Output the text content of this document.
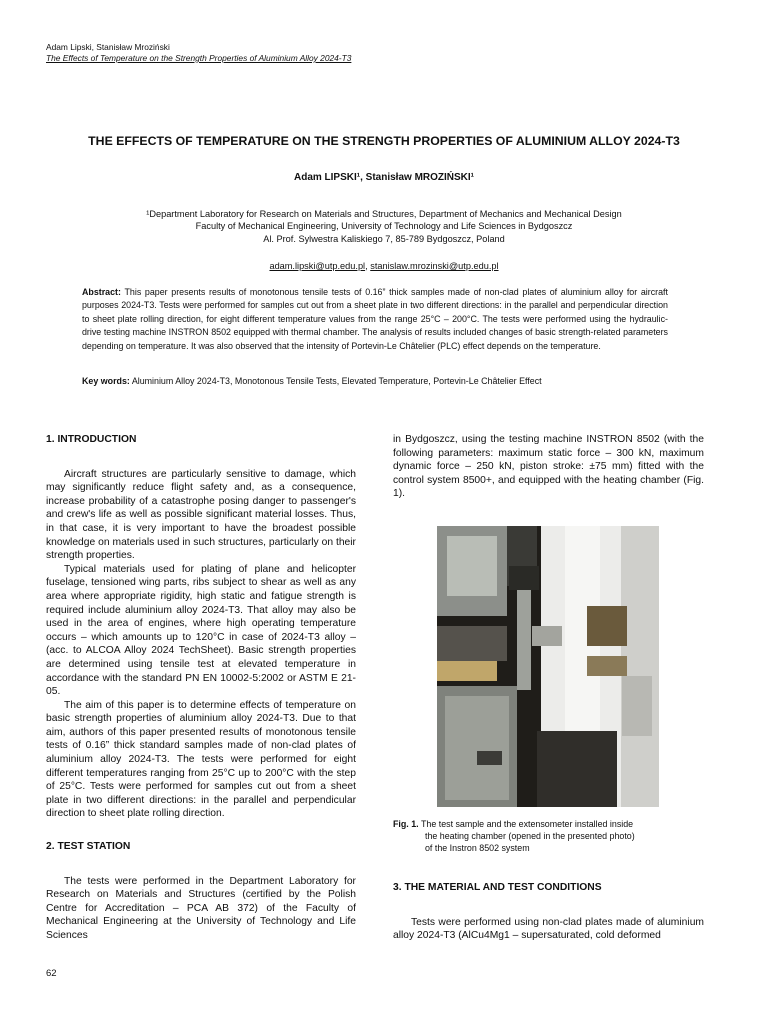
Adam Lipski, Stanisław Mroziński
The Effects of Temperature on the Strength Properties of Aluminium Alloy 2024-T3
THE EFFECTS OF TEMPERATURE ON THE STRENGTH PROPERTIES OF ALUMINIUM ALLOY 2024-T3
Adam LIPSKI¹, Stanisław MROZIŃSKI¹
¹Department Laboratory for Research on Materials and Structures, Department of Mechanics and Mechanical Design
Faculty of Mechanical Engineering, University of Technology and Life Sciences in Bydgoszcz
Al. Prof. Sylwestra Kaliskiego 7, 85-789 Bydgoszcz, Poland
adam.lipski@utp.edu.pl, stanislaw.mrozinski@utp.edu.pl
Abstract: This paper presents results of monotonous tensile tests of 0.16” thick samples made of non-clad plates of aluminium alloy for aircraft purposes 2024-T3. Tests were performed for samples cut out from a sheet plate in two different directions: in the parallel and perpendicular direction to sheet plate rolling direction, for eight different temperature values from the range 25°C – 200°C. The tests were performed using the hydraulic-drive testing machine INSTRON 8502 equipped with thermal chamber. The analysis of results included changes of basic strength-related parameters depending on temperature. It was also observed that the intensity of Portevin-Le Châtelier (PLC) effect depends on the temperature.
Key words: Aluminium Alloy 2024-T3, Monotonous Tensile Tests, Elevated Temperature, Portevin-Le Châtelier Effect
1. INTRODUCTION

Aircraft structures are particularly sensitive to damage, which may significantly reduce flight safety and, as a consequence, increase probability of a catastrophe posing danger to passenger's and crew's life as well as possible significant material losses. Thus, in that case, it is very important to have the broadest possible knowledge on materials used in such structures, particularly on their strength properties.

Typical materials used for plating of plane and helicopter fuselage, tensioned wing parts, ribs subject to shear as well as any area where appropriate rigidity, high static and fatigue strength is required include aluminium alloy 2024-T3. That alloy may also be used in the area of engines, where high operating temperature occurs – which amounts up to 120°C in case of 2024-T3 alloy – (acc. to ALCOA Alloy 2024 TechSheet). Basic strength properties are determined using tensile test at elevated temperature in accordance with the standard PN EN 10002-5:2002 or ASTM E 21-05.

The aim of this paper is to determine effects of temperature on basic strength properties of aluminium alloy 2024-T3. Due to that aim, authors of this paper presented results of monotonous tensile tests of 0.16” thick standard samples made of non-clad plates of aluminium alloy 2024-T3. The tests were performed for eight different temperatures ranging from 25°C up to 200°C with the step of 25°C. Tests were performed for samples cut out from a sheet plate in two different directions: in the parallel and perpendicular direction to sheet plate rolling direction.

2. TEST STATION

The tests were performed in the Department Laboratory for Research on Materials and Structures (certified by the Polish Centre for Accreditation – PCA AB 372) of the Faculty of Mechanical Engineering at the University of Technology and Life Sciences

in Bydgoszcz, using the testing machine INSTRON 8502 (with the following parameters: maximum static force – 300 kN, maximum dynamic force – 250 kN, piston stroke: ±75 mm) fitted with the control system 8500+, and equipped with the heating chamber (Fig. 1).

Fig. 1. The test sample and the extensometer installed inside
the heating chamber (opened in the presented photo)
of the Instron 8502 system
3. THE MATERIAL AND TEST CONDITIONS

Tests were performed using non-clad plates made of aluminium alloy 2024-T3 (AlCu4Mg1 – supersaturated, cold deformed

62
